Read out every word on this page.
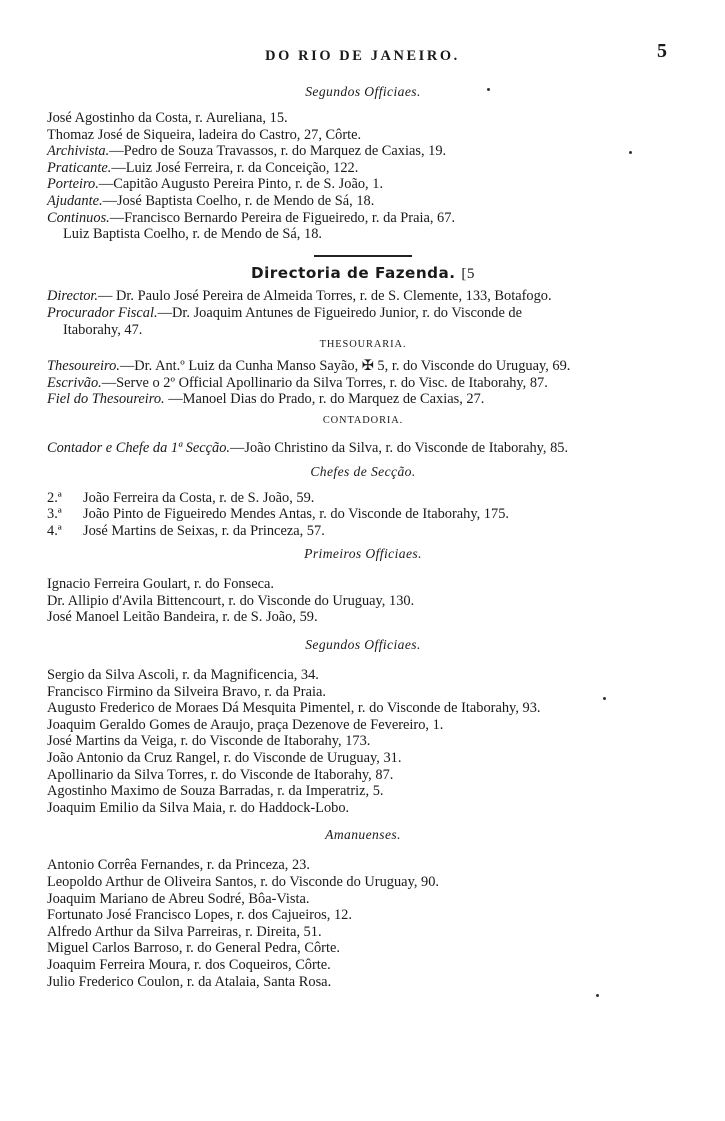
DO RIO DE JANEIRO.	5
Segundos Officiaes.
José Agostinho da Costa, r. Aureliana, 15.
Thomaz José de Siqueira, ladeira do Castro, 27, Côrte.
Archivista.—Pedro de Souza Travassos, r. do Marquez de Caxias, 19.
Praticante.—Luiz José Ferreira, r. da Conceição, 122.
Porteiro.—Capitão Augusto Pereira Pinto, r. de S. João, 1.
Ajudante.—José Baptista Coelho, r. de Mendo de Sá, 18.
Continuos.—Francisco Bernardo Pereira de Figueiredo, r. da Praia, 67.
Luiz Baptista Coelho, r. de Mendo de Sá, 18.
Directoria de Fazenda. [5
Director.— Dr. Paulo José Pereira de Almeida Torres, r. de S. Clemente, 133, Botafogo.
Procurador Fiscal.—Dr. Joaquim Antunes de Figueiredo Junior, r. do Visconde de
Itaborahy, 47.
THESOURARIA.
Thesoureiro.—Dr. Ant.º Luiz da Cunha Manso Sayão, ✠ 5, r. do Visconde do Uruguay, 69.
Escrivão.—Serve o 2º Official Apollinario da Silva Torres, r. do Visc. de Itaborahy, 87.
Fiel do Thesoureiro. —Manoel Dias do Prado, r. do Marquez de Caxias, 27.
CONTADORIA.
Contador e Chefe da 1ª Secção.—João Christino da Silva, r. do Visconde de Itaborahy, 85.
Chefes de Secção.
2.ª João Ferreira da Costa, r. de S. João, 59.
3.ª João Pinto de Figueiredo Mendes Antas, r. do Visconde de Itaborahy, 175.
4.ª José Martins de Seixas, r. da Princeza, 57.
Primeiros Officiaes.
Ignacio Ferreira Goulart, r. do Fonseca.
Dr. Allipio d'Avila Bittencourt, r. do Visconde do Uruguay, 130.
José Manoel Leitão Bandeira, r. de S. João, 59.
Segundos Officiaes.
Sergio da Silva Ascoli, r. da Magnificencia, 34.
Francisco Firmino da Silveira Bravo, r. da Praia.
Augusto Frederico de Moraes Dá Mesquita Pimentel, r. do Visconde de Itaborahy, 93.
Joaquim Geraldo Gomes de Araujo, praça Dezenove de Fevereiro, 1.
José Martins da Veiga, r. do Visconde de Itaborahy, 173.
João Antonio da Cruz Rangel, r. do Visconde de Uruguay, 31.
Apollinario da Silva Torres, r. do Visconde de Itaborahy, 87.
Agostinho Maximo de Souza Barradas, r. da Imperatriz, 5.
Joaquim Emilio da Silva Maia, r. do Haddock-Lobo.
Amanuenses.
Antonio Corrêa Fernandes, r. da Princeza, 23.
Leopoldo Arthur de Oliveira Santos, r. do Visconde do Uruguay, 90.
Joaquim Mariano de Abreu Sodré, Bôa-Vista.
Fortunato José Francisco Lopes, r. dos Cajueiros, 12.
Alfredo Arthur da Silva Parreiras, r. Direita, 51.
Miguel Carlos Barroso, r. do General Pedra, Côrte.
Joaquim Ferreira Moura, r. dos Coqueiros, Côrte.
Julio Frederico Coulon, r. da Atalaia, Santa Rosa.
